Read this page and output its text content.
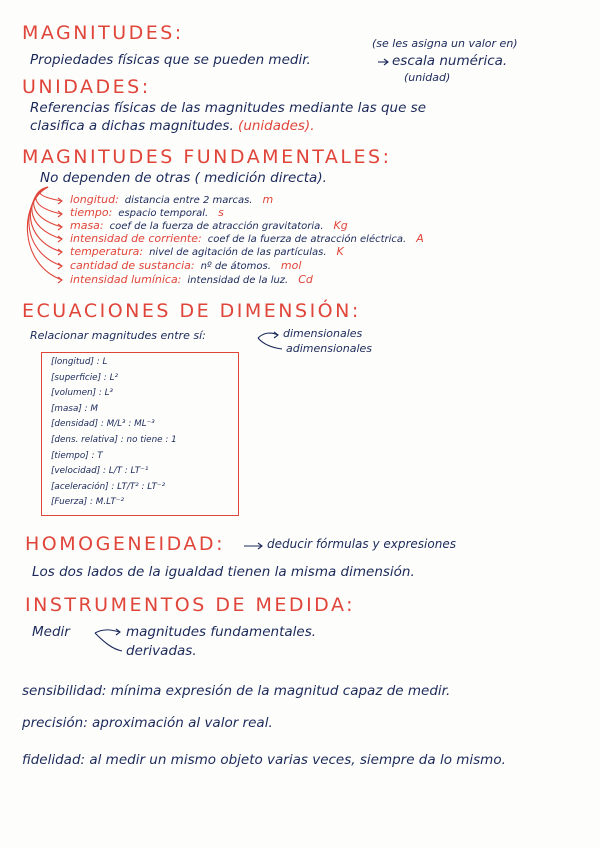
MAGNITUDES:
Propiedades físicas que se pueden medir.
(se les asigna un valor en)
escala numérica.
(unidad)
UNIDADES:
Referencias físicas de las magnitudes mediante las que se
clasifica a dichas magnitudes. (unidades).
MAGNITUDES FUNDAMENTALES:
No dependen de otras ( medición directa).
longitud: distancia entre 2 marcas. m
tiempo: espacio temporal. s
masa: coef de la fuerza de atracción gravitatoria. Kg
intensidad de corriente: coef de la fuerza de atracción eléctrica. A
temperatura: nivel de agitación de las partículas. K
cantidad de sustancia: nº de átomos. mol
intensidad lumínica: intensidad de la luz. Cd
ECUACIONES DE DIMENSIÓN:
Relacionar magnitudes entre sí:	dimensionales
adimensionales
[longitud] : L
[superficie] : L²
[volumen] : L³
[masa] : M
[densidad] : M/L³ : ML⁻³
[dens. relativa] : no tiene : 1
[tiempo] : T
[velocidad] : L/T : LT⁻¹
[aceleración] : LT/T² : LT⁻²
[Fuerza] : M.LT⁻²
HOMOGENEIDAD:	deducir fórmulas y expresiones
Los dos lados de la igualdad tienen la misma dimensión.
INSTRUMENTOS DE MEDIDA:
Medir	magnitudes fundamentales.
derivadas.
sensibilidad: mínima expresión de la magnitud capaz de medir.
precisión: aproximación al valor real.
fidelidad: al medir un mismo objeto varias veces, siempre da lo mismo.
